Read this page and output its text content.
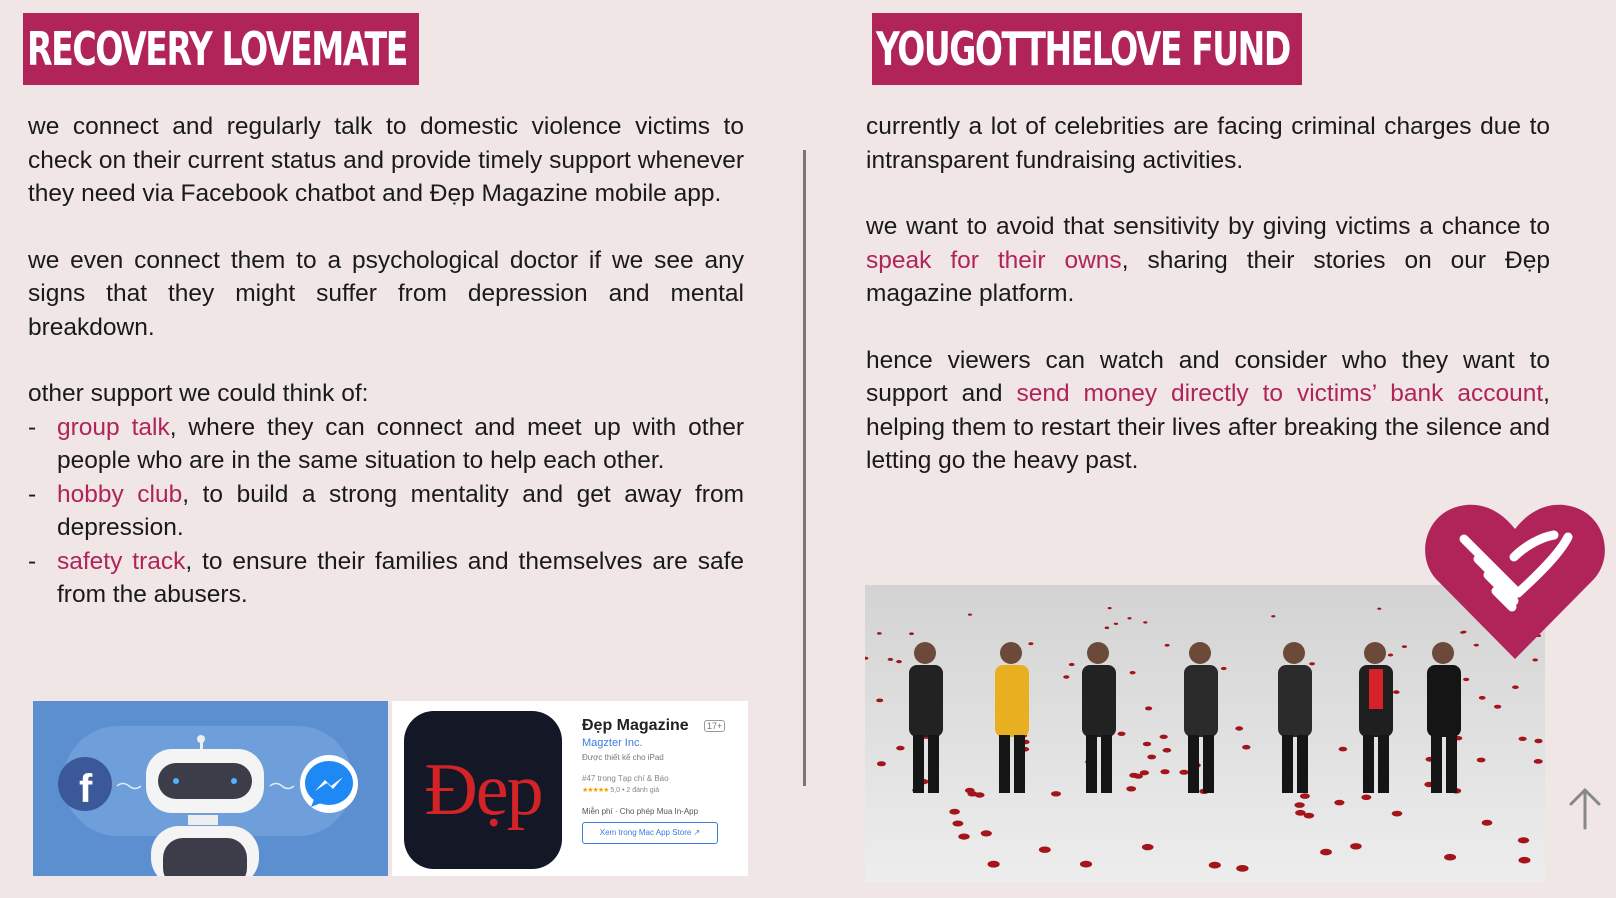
RECOVERY LOVEMATE	YOUGOTTHELOVE FUND

we connect and regularly talk to domestic violence victims to check on their current status and provide timely support whenever they need via Facebook chatbot and Đẹp Magazine mobile app.

we even connect them to a psychological doctor if we see any signs that they might suffer from depression and mental breakdown.

other support we could think of:

- group talk, where they can connect and meet up with other people who are in the same situation to help each other.
- hobby club, to build a strong mentality and get away from depression.
- safety track, to ensure their families and themselves are safe from the abusers.

currently a lot of celebrities are facing criminal charges due to intransparent fundraising activities.

we want to avoid that sensitivity by giving victims a chance to speak for their owns, sharing their stories on our Đẹp magazine platform.

hence viewers can watch and consider who they want to support and send money directly to victims’ bank account, helping them to restart their lives after breaking the silence and letting go the heavy past.

f	Đẹp
Đẹp Magazine	17+
Magzter Inc.
Được thiết kế cho iPad
#47 trong Tạp chí & Báo
★★★★★ 5,0 • 2 đánh giá
Miễn phí · Cho phép Mua In-App
Xem trong Mac App Store ↗
